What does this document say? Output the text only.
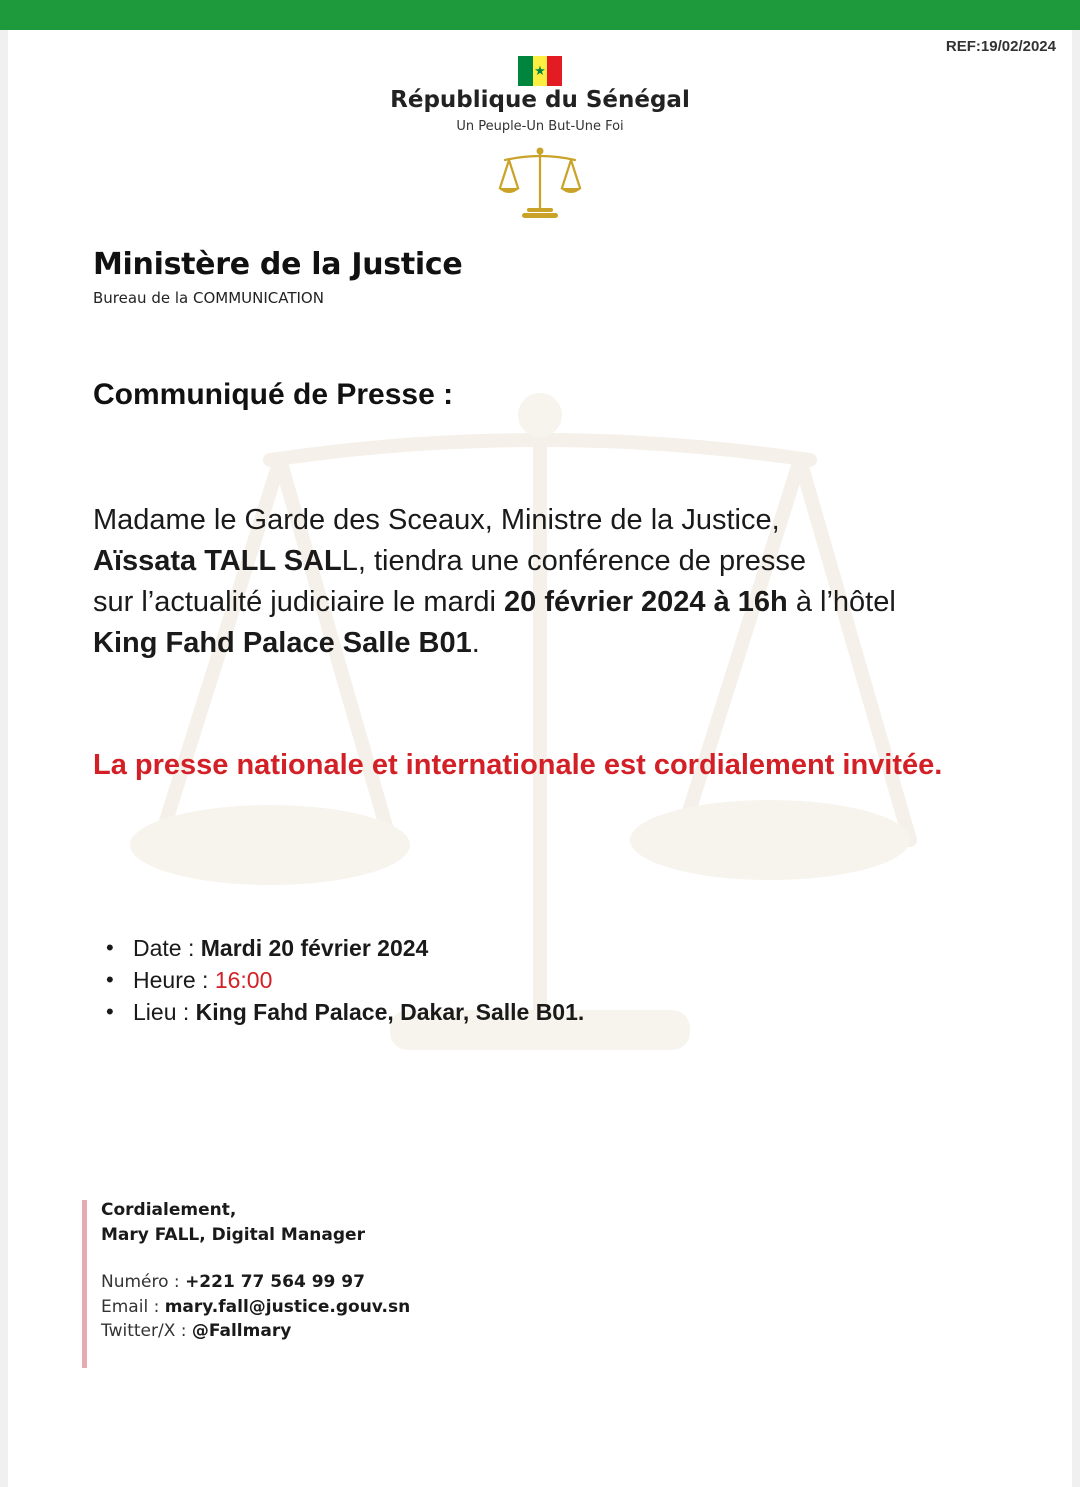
REF:19/02/2024
★
République du Sénégal
Un Peuple-Un But-Une Foi
Ministère de la Justice
Bureau de la COMMUNICATION
Communiqué de Presse :
Madame le Garde des Sceaux, Ministre de la Justice,
Aïssata TALL SALL, tiendra une conférence de presse
sur l’actualité judiciaire le mardi 20 février 2024 à 16h à l’hôtel
King Fahd Palace Salle B01.
La presse nationale et internationale est cordialement invitée.
• Date : Mardi 20 février 2024
• Heure : 16:00
• Lieu : King Fahd Palace, Dakar, Salle B01.
Cordialement,
Mary FALL, Digital Manager
Numéro : +221 77 564 99 97
Email : mary.fall@justice.gouv.sn
Twitter/X : @Fallmary
